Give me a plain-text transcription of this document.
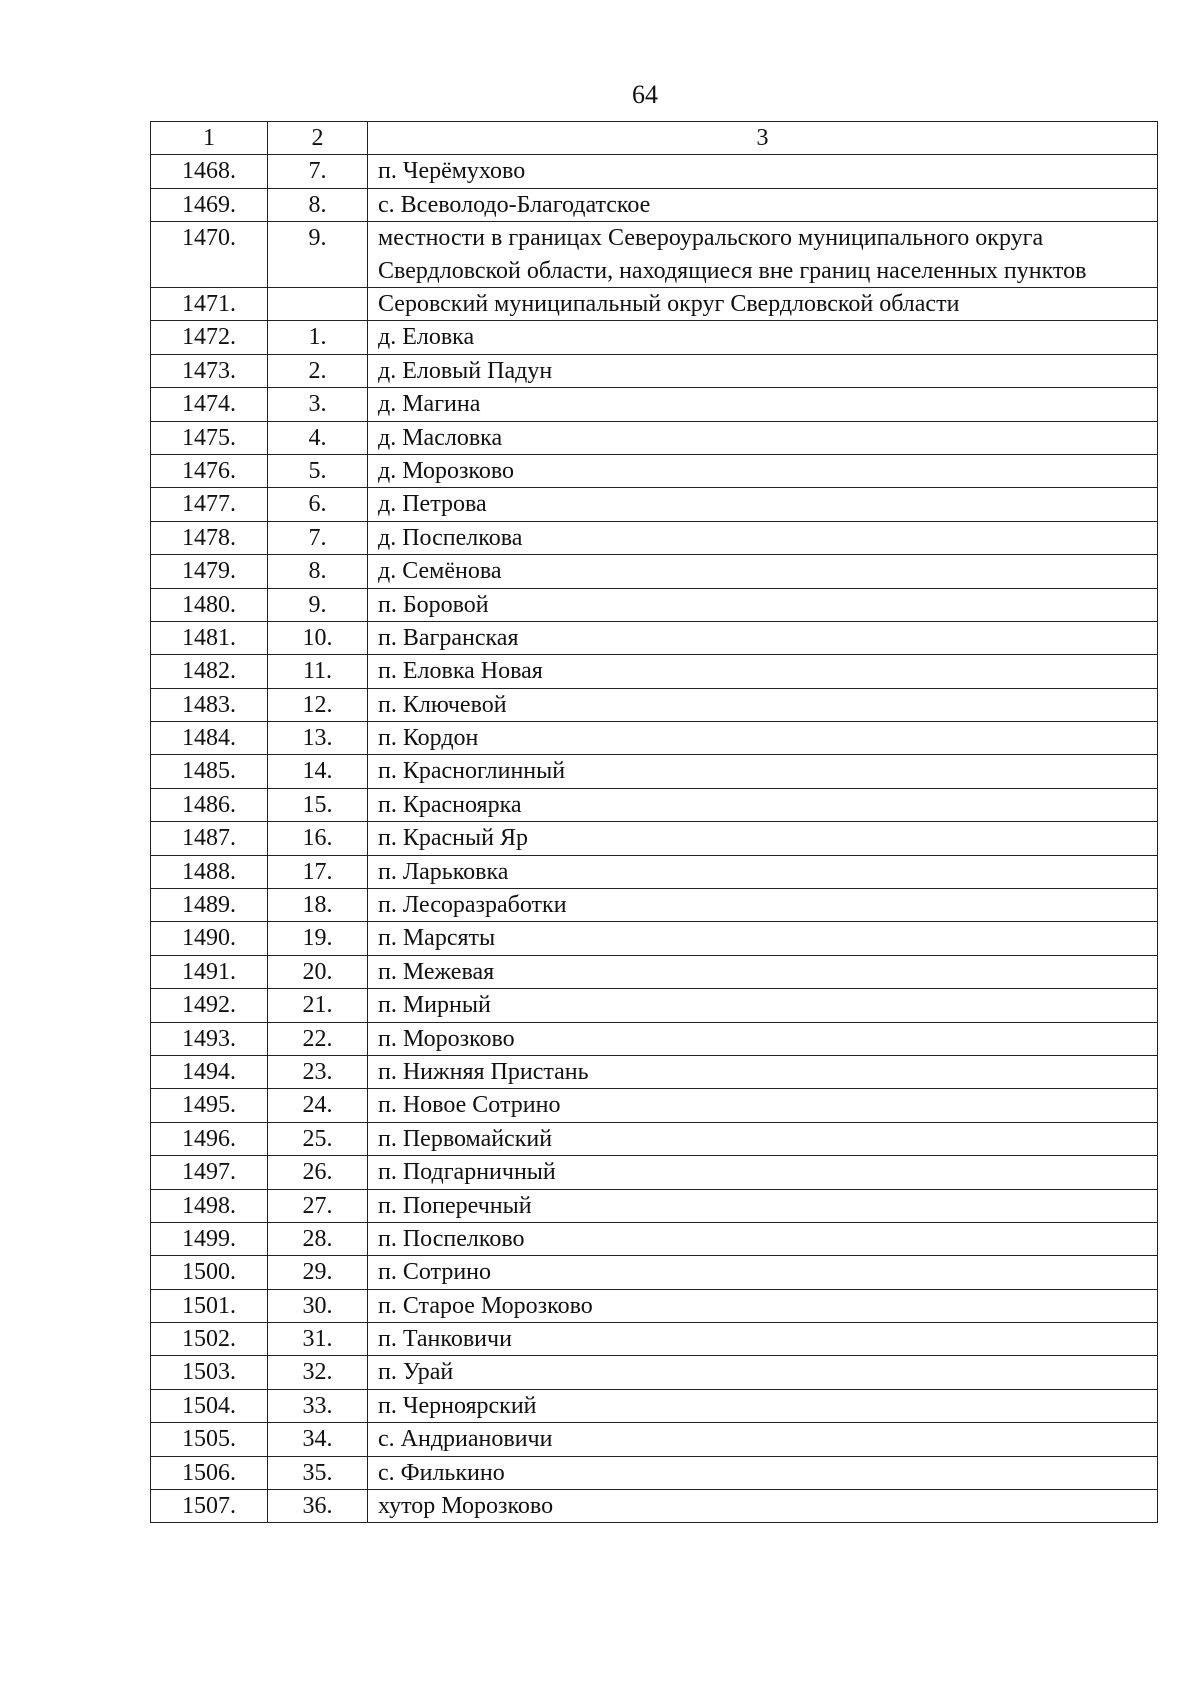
64
1	2	3
1468.	7.	п. Черёмухово
1469.	8.	с. Всеволодо-Благодатское
1470.	9.	местности в границах Североуральского муниципального округа Свердловской области, находящиеся вне границ населенных пунктов
1471.		Серовский муниципальный округ Свердловской области
1472.	1.	д. Еловка
1473.	2.	д. Еловый Падун
1474.	3.	д. Магина
1475.	4.	д. Масловка
1476.	5.	д. Морозково
1477.	6.	д. Петрова
1478.	7.	д. Поспелкова
1479.	8.	д. Семёнова
1480.	9.	п. Боровой
1481.	10.	п. Вагранская
1482.	11.	п. Еловка Новая
1483.	12.	п. Ключевой
1484.	13.	п. Кордон
1485.	14.	п. Красноглинный
1486.	15.	п. Красноярка
1487.	16.	п. Красный Яр
1488.	17.	п. Ларьковка
1489.	18.	п. Лесоразработки
1490.	19.	п. Марсяты
1491.	20.	п. Межевая
1492.	21.	п. Мирный
1493.	22.	п. Морозково
1494.	23.	п. Нижняя Пристань
1495.	24.	п. Новое Сотрино
1496.	25.	п. Первомайский
1497.	26.	п. Подгарничный
1498.	27.	п. Поперечный
1499.	28.	п. Поспелково
1500.	29.	п. Сотрино
1501.	30.	п. Старое Морозково
1502.	31.	п. Танковичи
1503.	32.	п. Урай
1504.	33.	п. Черноярский
1505.	34.	с. Андриановичи
1506.	35.	с. Филькино
1507.	36.	хутор Морозково
